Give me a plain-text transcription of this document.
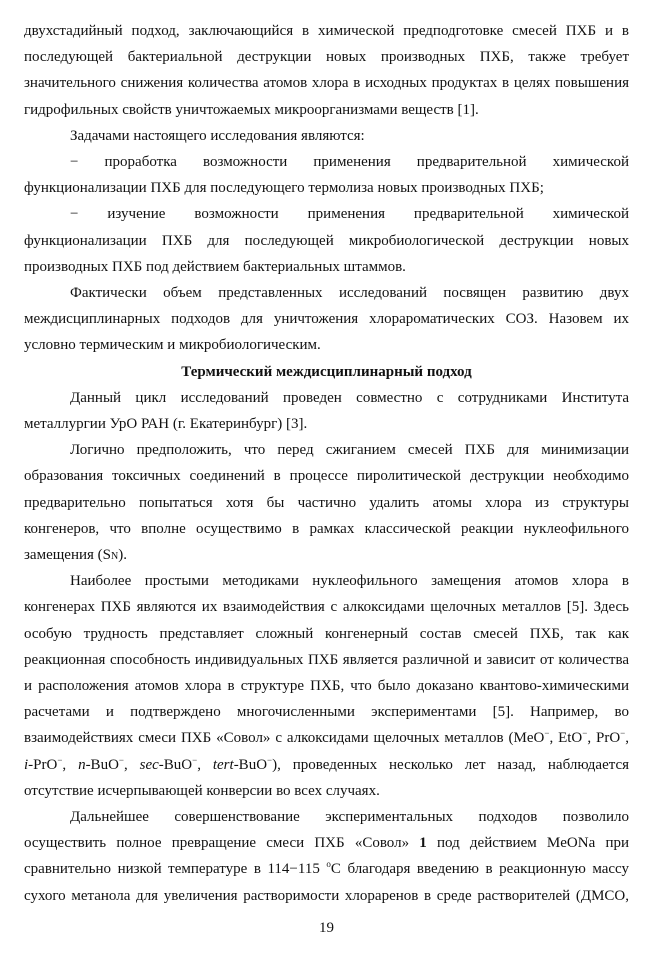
двухстадийный подход, заключающийся в химической предподготовке смесей ПХБ и в
последующей бактериальной деструкции новых производных ПХБ, также требует
значительного снижения количества атомов хлора в исходных продуктах в целях повышения
гидрофильных свойств уничтожаемых микроорганизмами веществ [1].
Задачами настоящего исследования являются:
− проработка возможности применения предварительной химической
функционализации ПХБ для последующего термолиза новых производных ПХБ;
− изучение возможности применения предварительной химической
функционализации ПХБ для последующей микробиологической деструкции новых
производных ПХБ под действием бактериальных штаммов.
Фактически объем представленных исследований посвящен развитию двух
междисциплинарных подходов для уничтожения хлорароматических СОЗ. Назовем их
условно термическим и микробиологическим.
Термический междисциплинарный подход
Данный цикл исследований проведен совместно с сотрудниками Института
металлургии УрО РАН (г. Екатеринбург) [3].
Логично предположить, что перед сжиганием смесей ПХБ для минимизации
образования токсичных соединений в процессе пиролитической деструкции необходимо
предварительно попытаться хотя бы частично удалить атомы хлора из структуры
конгенеров, что вполне осуществимо в рамках классической реакции нуклеофильного
замещения (SN).
Наиболее простыми методиками нуклеофильного замещения атомов хлора в
конгенерах ПХБ являются их взаимодействия с алкоксидами щелочных металлов [5]. Здесь
особую трудность представляет сложный конгенерный состав смесей ПХБ, так как
реакционная способность индивидуальных ПХБ является различной и зависит от количества
и расположения атомов хлора в структуре ПХБ, что было доказано квантово-химическими
расчетами и подтверждено многочисленными экспериментами [5]. Например, во
взаимодействиях смеси ПХБ «Совол» с алкоксидами щелочных металлов (MeO−, EtO−, PrO−,
i-PrO−, n-BuO−, sec-BuO−, tert-BuO−), проведенных несколько лет назад, наблюдается
отсутствие исчерпывающей конверсии во всех случаях.
Дальнейшее совершенствование экспериментальных подходов позволило
осуществить полное превращение смеси ПХБ «Совол» 1 под действием MeONa при
сравнительно низкой температуре в 114−115 $^о$С благодаря введению в реакционную массу
сухого метанола для увеличения растворимости хлораренов в среде растворителей (ДМСО,
19
